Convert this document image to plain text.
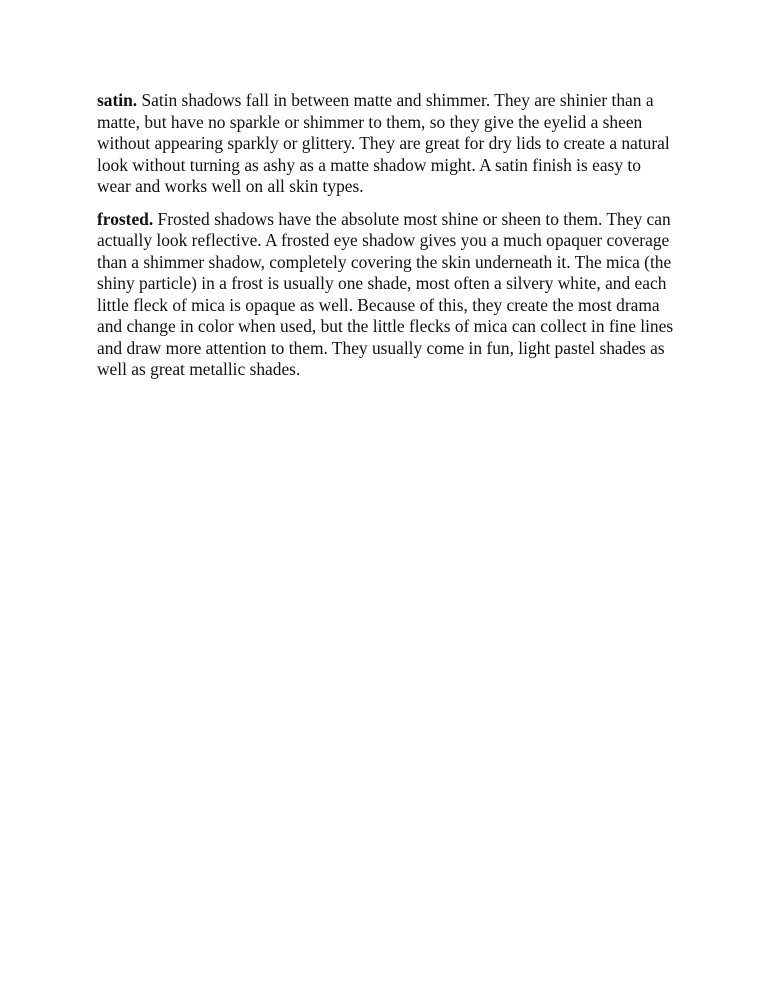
satin. Satin shadows fall in between matte and shimmer. They are shinier than a matte, but have no sparkle or shimmer to them, so they give the eyelid a sheen without appearing sparkly or glittery. They are great for dry lids to create a natural look without turning as ashy as a matte shadow might. A satin finish is easy to wear and works well on all skin types.

frosted. Frosted shadows have the absolute most shine or sheen to them. They can actually look reflective. A frosted eye shadow gives you a much opaquer coverage than a shimmer shadow, completely covering the skin underneath it. The mica (the shiny particle) in a frost is usually one shade, most often a silvery white, and each little fleck of mica is opaque as well. Because of this, they create the most drama and change in color when used, but the little flecks of mica can collect in fine lines and draw more attention to them. They usually come in fun, light pastel shades as well as great metallic shades.
